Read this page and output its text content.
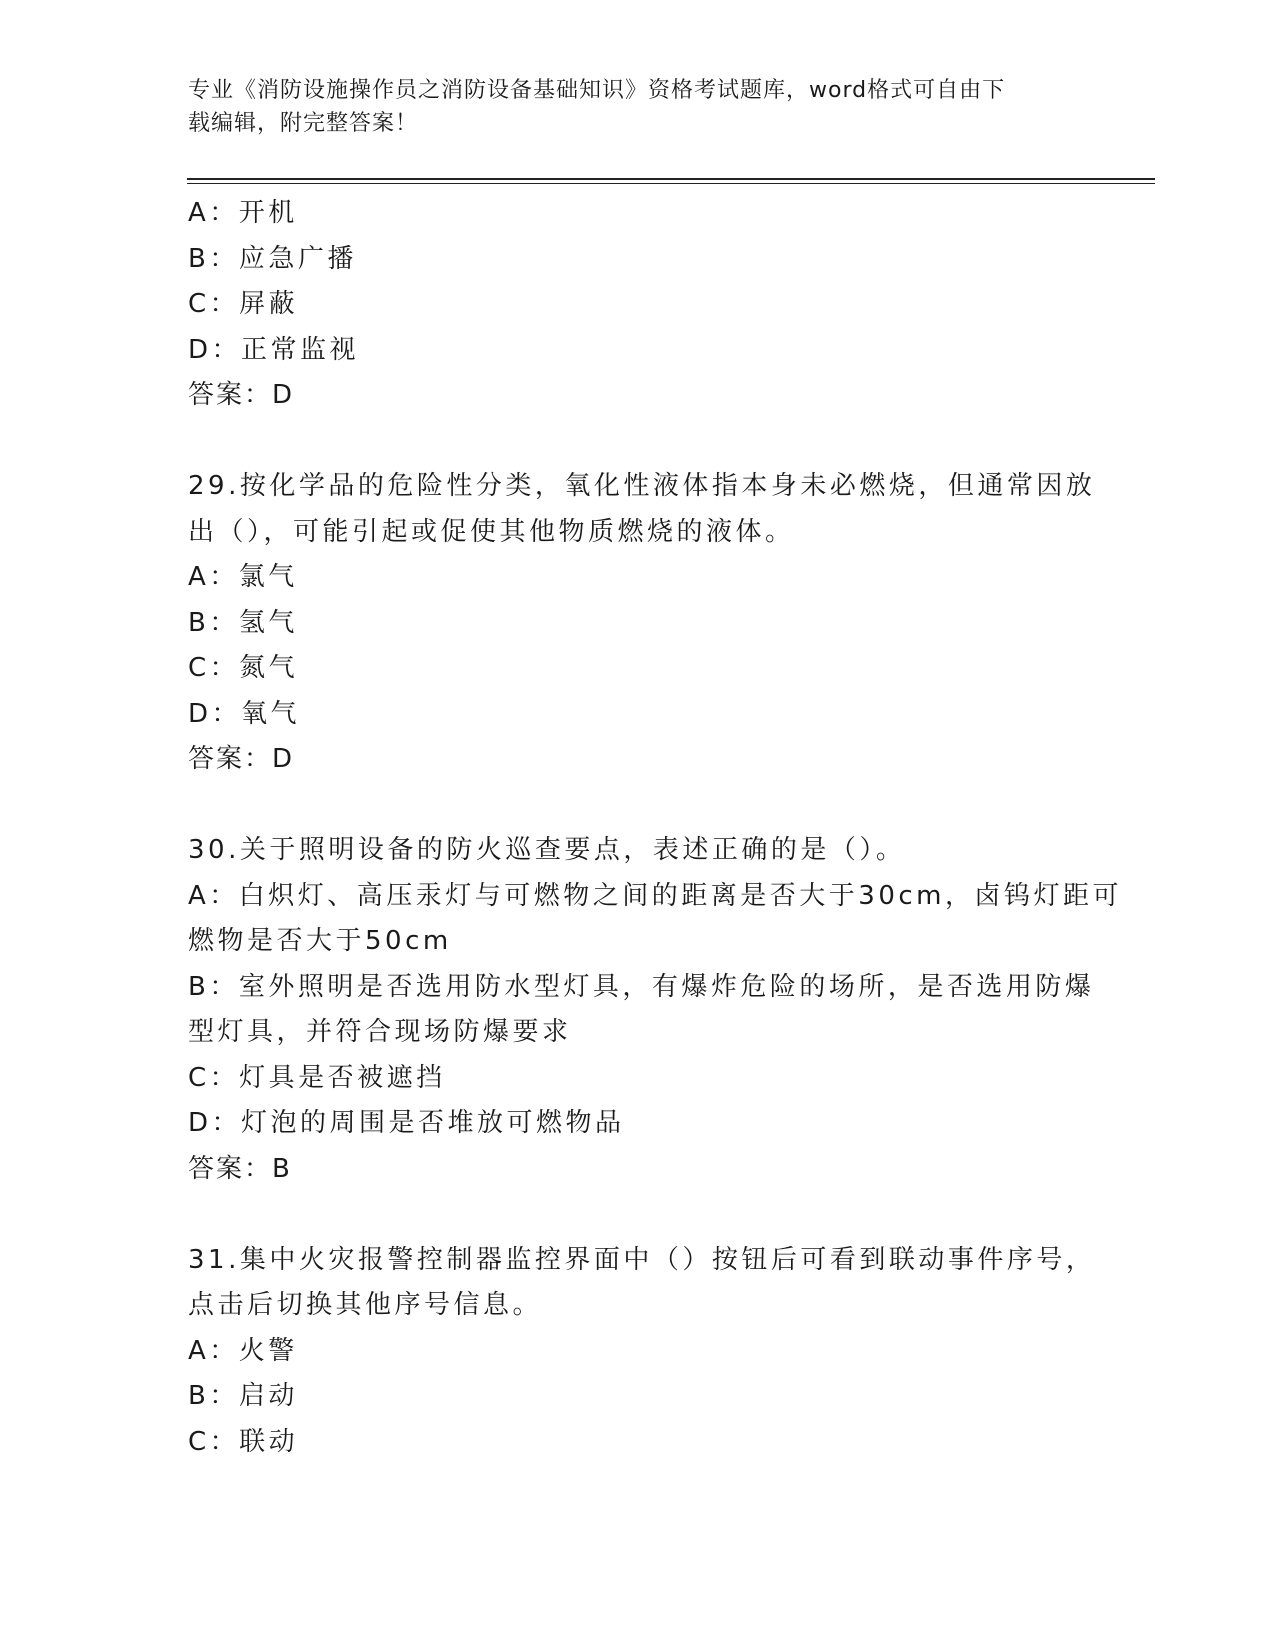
专业《消防设施操作员之消防设备基础知识》资格考试题库，word格式可自由下
载编辑，附完整答案！
A：开机
B：应急广播
C：屏蔽
D：正常监视
答案：D
29.按化学品的危险性分类，氧化性液体指本身未必燃烧，但通常因放
出（），可能引起或促使其他物质燃烧的液体。
A：氯气
B：氢气
C：氮气
D：氧气
答案：D
30.关于照明设备的防火巡查要点，表述正确的是（）。
A：白炽灯、高压汞灯与可燃物之间的距离是否大于30cm，卤钨灯距可
燃物是否大于50cm
B：室外照明是否选用防水型灯具，有爆炸危险的场所，是否选用防爆
型灯具，并符合现场防爆要求
C：灯具是否被遮挡
D：灯泡的周围是否堆放可燃物品
答案：B
31.集中火灾报警控制器监控界面中（）按钮后可看到联动事件序号，
点击后切换其他序号信息。
A：火警
B：启动
C：联动
